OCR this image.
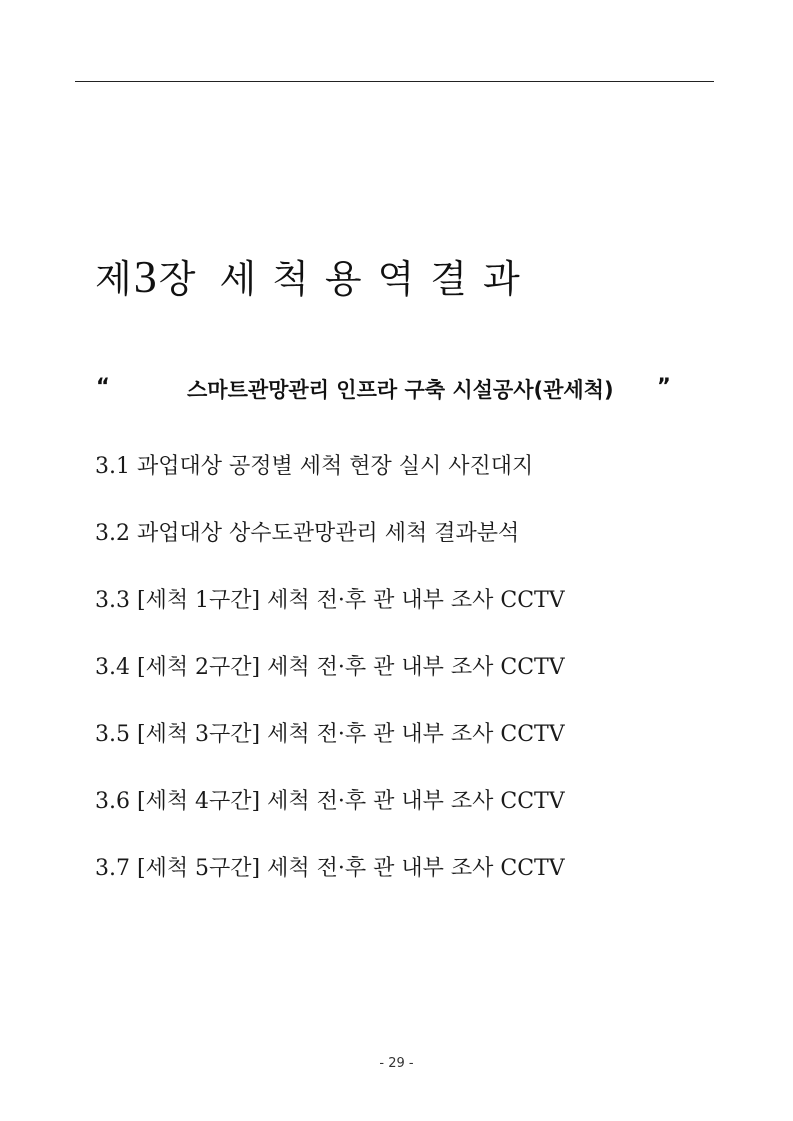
제3장 세척용역결과
“	스마트관망관리 인프라 구축 시설공사(관세척) ”
3.1 과업대상 공정별 세척 현장 실시 사진대지
3.2 과업대상 상수도관망관리 세척 결과분석
3.3 [세척 1구간] 세척 전·후 관 내부 조사 CCTV
3.4 [세척 2구간] 세척 전·후 관 내부 조사 CCTV
3.5 [세척 3구간] 세척 전·후 관 내부 조사 CCTV
3.6 [세척 4구간] 세척 전·후 관 내부 조사 CCTV
3.7 [세척 5구간] 세척 전·후 관 내부 조사 CCTV
- 29 -
